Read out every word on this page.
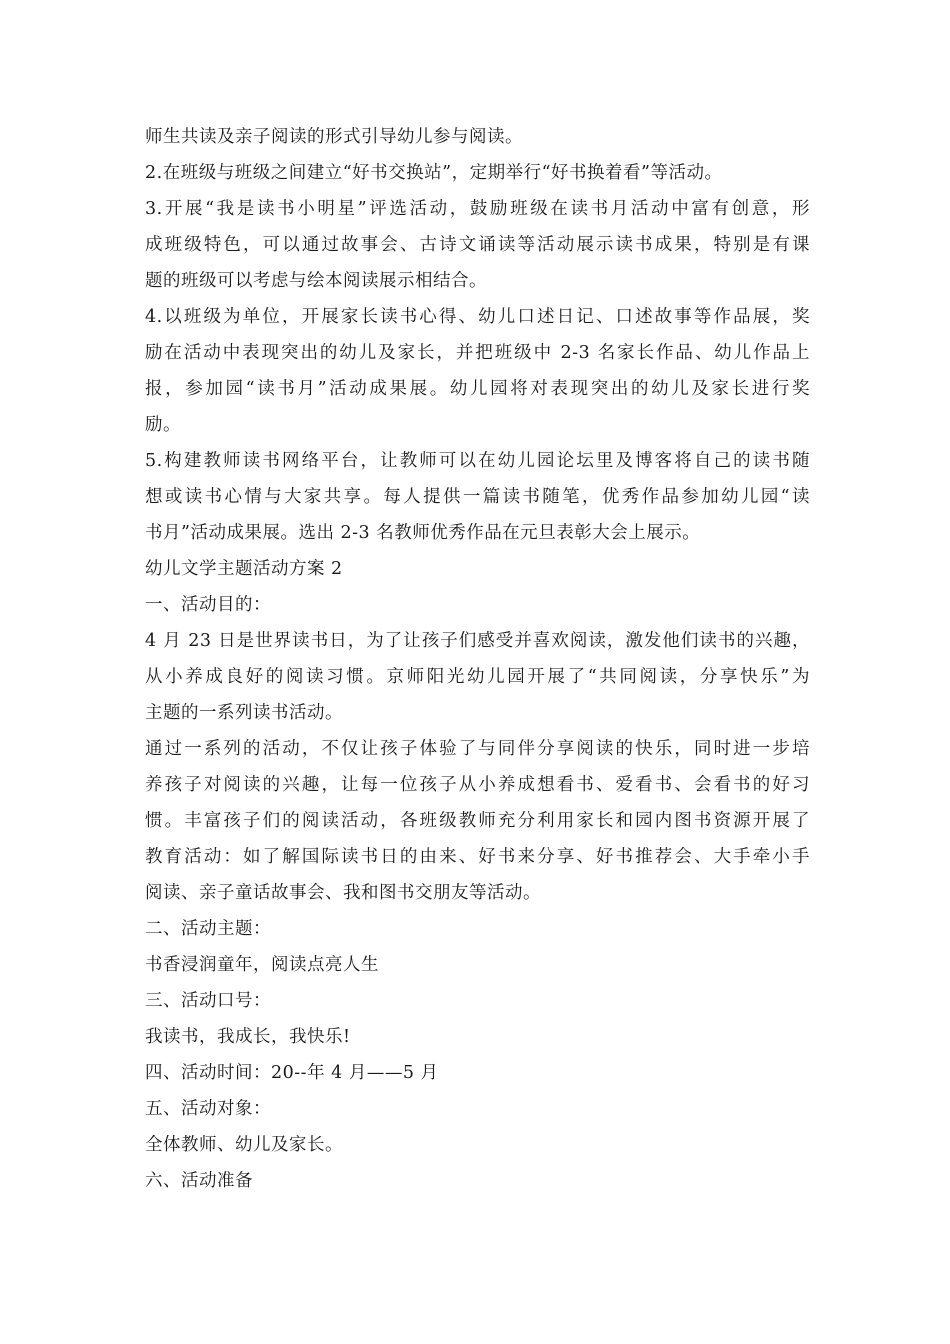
师生共读及亲子阅读的形式引导幼儿参与阅读。
2.在班级与班级之间建立“好书交换站”，定期举行“好书换着看”等活动。
3.开展“我是读书小明星”评选活动，鼓励班级在读书月活动中富有创意，形
成班级特色，可以通过故事会、古诗文诵读等活动展示读书成果，特别是有课
题的班级可以考虑与绘本阅读展示相结合。
4.以班级为单位，开展家长读书心得、幼儿口述日记、口述故事等作品展，奖
励在活动中表现突出的幼儿及家长，并把班级中 2-3 名家长作品、幼儿作品上
报，参加园“读书月”活动成果展。幼儿园将对表现突出的幼儿及家长进行奖
励。
5.构建教师读书网络平台，让教师可以在幼儿园论坛里及博客将自己的读书随
想或读书心情与大家共享。每人提供一篇读书随笔，优秀作品参加幼儿园“读
书月”活动成果展。选出 2-3 名教师优秀作品在元旦表彰大会上展示。
幼儿文学主题活动方案 2
一、活动目的：
4 月 23 日是世界读书日，为了让孩子们感受并喜欢阅读，激发他们读书的兴趣，
从小养成良好的阅读习惯。京师阳光幼儿园开展了“共同阅读，分享快乐”为
主题的一系列读书活动。
通过一系列的活动，不仅让孩子体验了与同伴分享阅读的快乐，同时进一步培
养孩子对阅读的兴趣，让每一位孩子从小养成想看书、爱看书、会看书的好习
惯。丰富孩子们的阅读活动，各班级教师充分利用家长和园内图书资源开展了
教育活动：如了解国际读书日的由来、好书来分享、好书推荐会、大手牵小手
阅读、亲子童话故事会、我和图书交朋友等活动。
二、活动主题：
书香浸润童年，阅读点亮人生
三、活动口号：
我读书，我成长，我快乐!
四、活动时间：20--年 4 月——5 月
五、活动对象：
全体教师、幼儿及家长。
六、活动准备
